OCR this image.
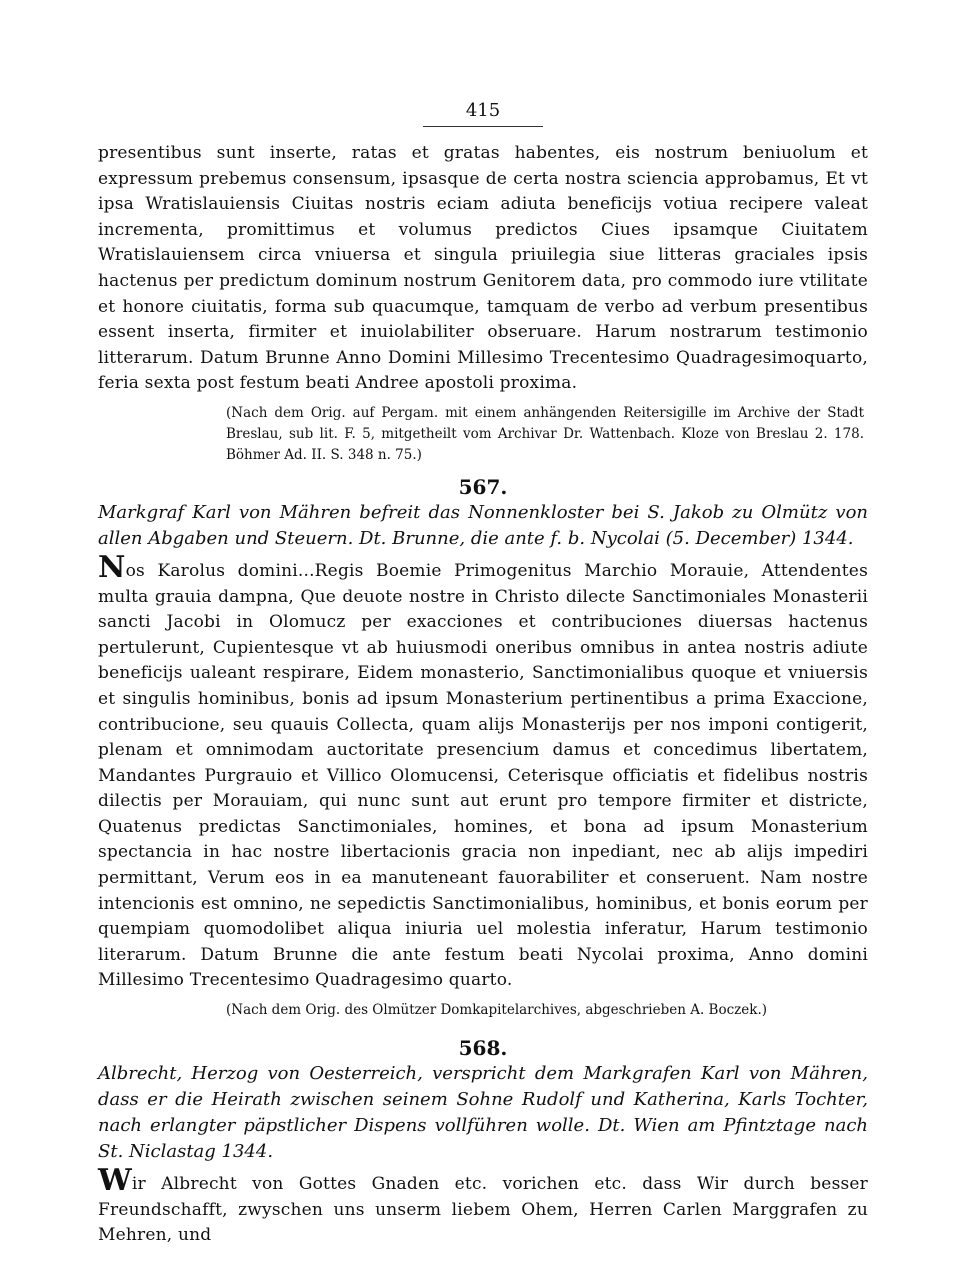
415

presentibus sunt inserte, ratas et gratas habentes, eis nostrum beniuolum et expressum prebemus consensum, ipsasque de certa nostra sciencia approbamus, Et vt ipsa Wratislauiensis Ciuitas nostris eciam adiuta beneficijs votiua recipere valeat incrementa, promittimus et volumus predictos Ciues ipsamque Ciuitatem Wratislauiensem circa vniuersa et singula priuilegia siue litteras graciales ipsis hactenus per predictum dominum nostrum Genitorem data, pro commodo iure vtilitate et honore ciuitatis, forma sub quacumque, tamquam de verbo ad verbum presentibus essent inserta, firmiter et inuiolabiliter obseruare. Harum nostrarum testimonio litterarum. Datum Brunne Anno Domini Millesimo Trecentesimo Quadragesimoquarto, feria sexta post festum beati Andree apostoli proxima.

(Nach dem Orig. auf Pergam. mit einem anhängenden Reitersigille im Archive der Stadt Breslau, sub lit. F. 5, mitgetheilt vom Archivar Dr. Wattenbach. Kloze von Breslau 2. 178. Böhmer Ad. II. S. 348 n. 75.)

567.

Markgraf Karl von Mähren befreit das Nonnenkloster bei S. Jakob zu Olmütz von allen Abgaben und Steuern. Dt. Brunne, die ante f. b. Nycolai (5. December) 1344.

Nos Karolus domini...Regis Boemie Primogenitus Marchio Morauie, Attendentes multa grauia dampna, Que deuote nostre in Christo dilecte Sanctimoniales Monasterii sancti Jacobi in Olomucz per exacciones et contribuciones diuersas hactenus pertulerunt, Cupientesque vt ab huiusmodi oneribus omnibus in antea nostris adiute beneficijs ualeant respirare, Eidem monasterio, Sanctimonialibus quoque et vniuersis et singulis hominibus, bonis ad ipsum Monasterium pertinentibus a prima Exaccione, contribucione, seu quauis Collecta, quam alijs Monasterijs per nos imponi contigerit, plenam et omnimodam auctoritate presencium damus et concedimus libertatem, Mandantes Purgrauio et Villico Olomucensi, Ceterisque officiatis et fidelibus nostris dilectis per Morauiam, qui nunc sunt aut erunt pro tempore firmiter et districte, Quatenus predictas Sanctimoniales, homines, et bona ad ipsum Monasterium spectancia in hac nostre libertacionis gracia non inpediant, nec ab alijs impediri permittant, Verum eos in ea manuteneant fauorabiliter et conseruent. Nam nostre intencionis est omnino, ne sepedictis Sanctimonialibus, hominibus, et bonis eorum per quempiam quomodolibet aliqua iniuria uel molestia inferatur, Harum testimonio literarum. Datum Brunne die ante festum beati Nycolai proxima, Anno domini Millesimo Trecentesimo Quadragesimo quarto.

(Nach dem Orig. des Olmützer Domkapitelarchives, abgeschrieben A. Boczek.)

568.

Albrecht, Herzog von Oesterreich, verspricht dem Markgrafen Karl von Mähren, dass er die Heirath zwischen seinem Sohne Rudolf und Katherina, Karls Tochter, nach erlangter päpstlicher Dispens vollführen wolle. Dt. Wien am Pfintztage nach St. Niclastag 1344.

Wir Albrecht von Gottes Gnaden etc. vorichen etc. dass Wir durch besser Freundschafft, zwyschen uns unserm liebem Ohem, Herren Carlen Marggrafen zu Mehren, und
